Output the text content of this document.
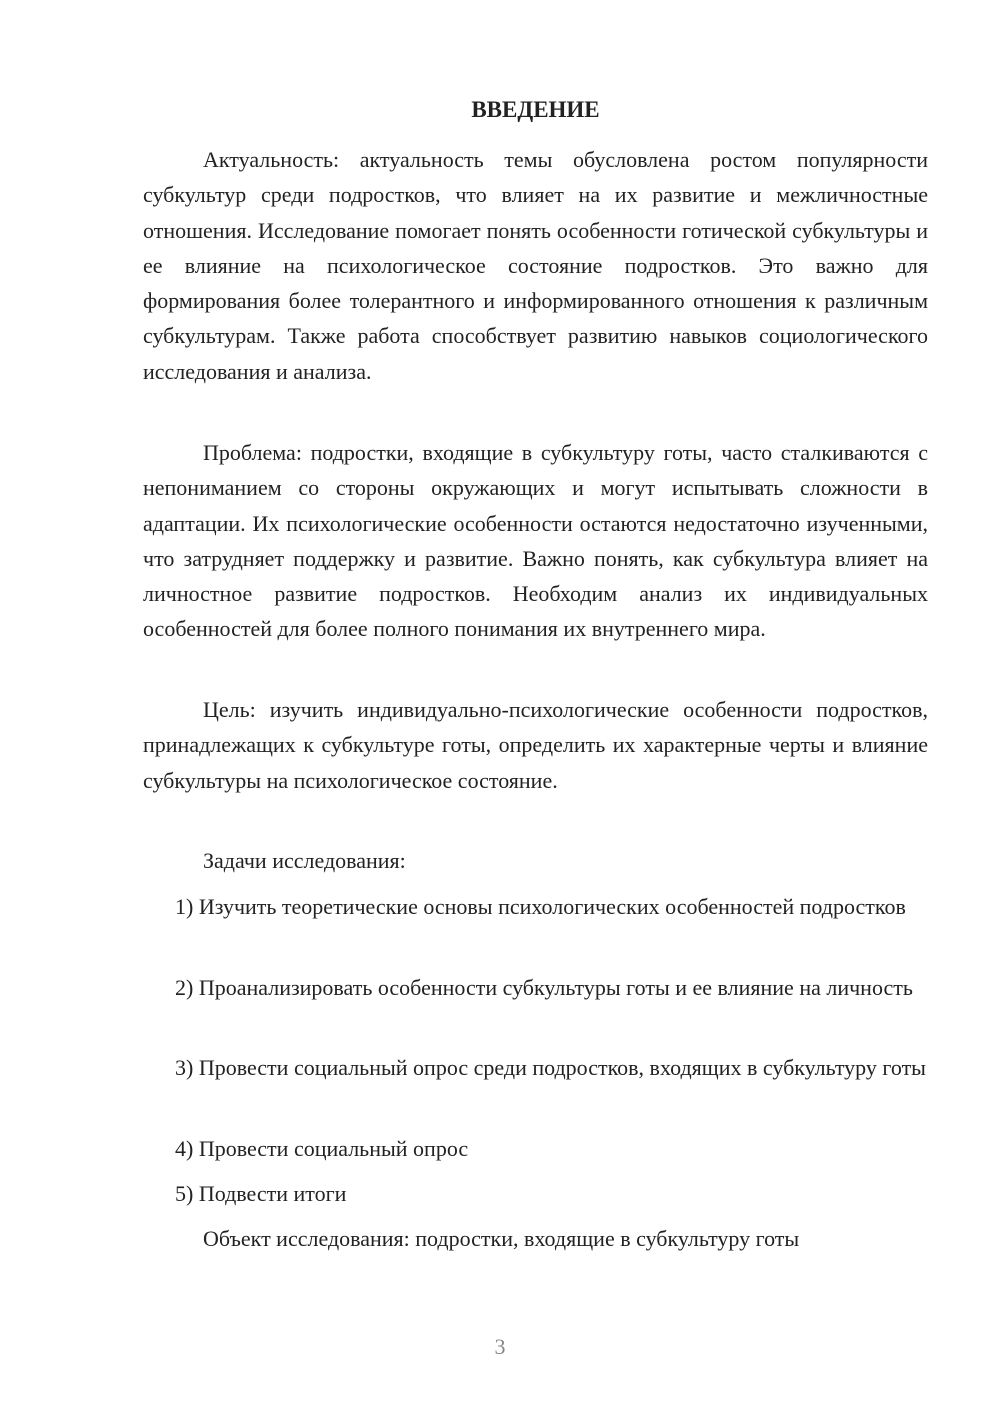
ВВЕДЕНИЕ

Актуальность: актуальность темы обусловлена ростом популярности субкультур среди подростков, что влияет на их развитие и межличностные отношения. Исследование помогает понять особенности готической субкультуры и ее влияние на психологическое состояние подростков. Это важно для формирования более толерантного и информированного отношения к различным субкультурам. Также работа способствует развитию навыков социологического исследования и анализа.

Проблема: подростки, входящие в субкультуру готы, часто сталкиваются с непониманием со стороны окружающих и могут испытывать сложности в адаптации. Их психологические особенности остаются недостаточно изученными, что затрудняет поддержку и развитие. Важно понять, как субкультура влияет на личностное развитие подростков. Необходим анализ их индивидуальных особенностей для более полного понимания их внутреннего мира.

Цель: изучить индивидуально-психологические особенности подростков, принадлежащих к субкультуре готы, определить их характерные черты и влияние субкультуры на психологическое состояние.

Задачи исследования:

1) Изучить теоретические основы психологических особенностей подростков

2) Проанализировать особенности субкультуры готы и ее влияние на личность

3) Провести социальный опрос среди подростков, входящих в субкультуру готы

4) Провести социальный опрос

5) Подвести итоги

Объект исследования: подростки, входящие в субкультуру готы

3
